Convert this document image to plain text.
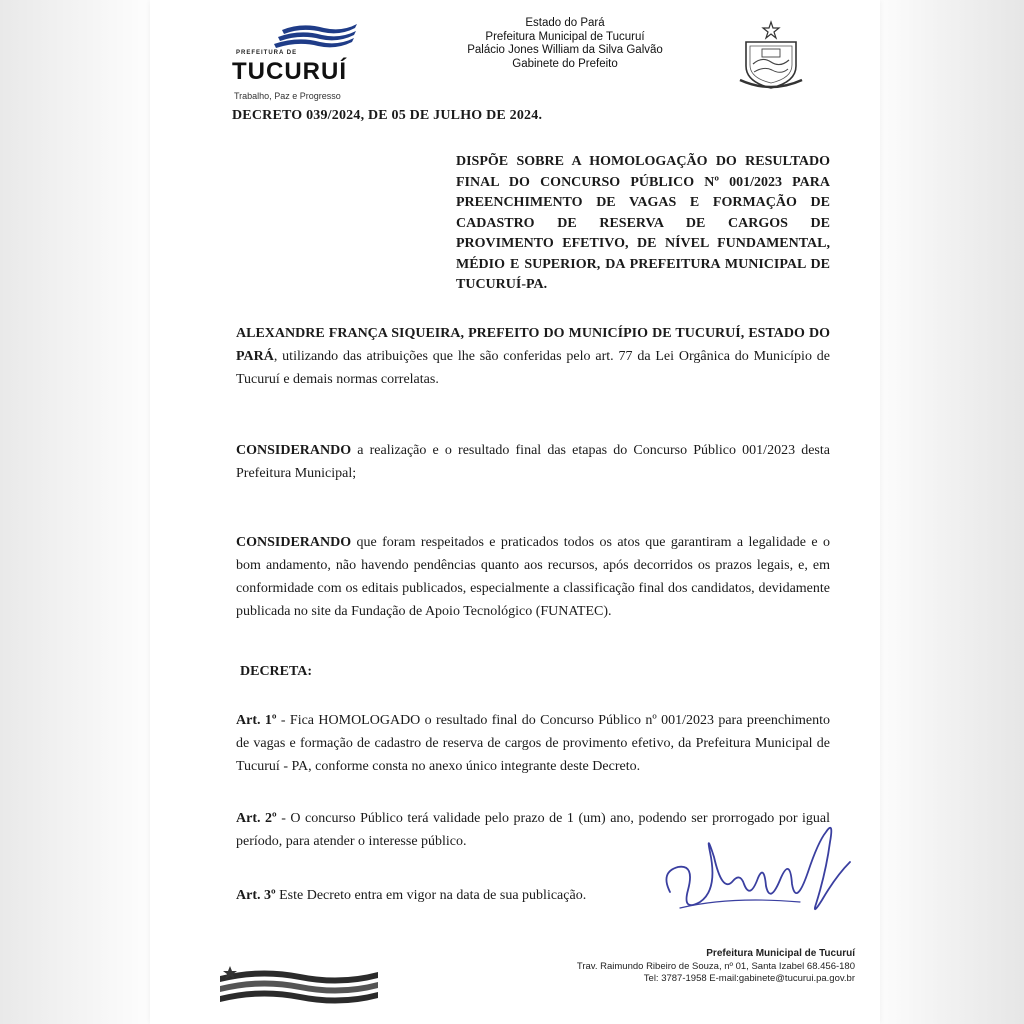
PREFEITURA DE
TUCURUÍ
Trabalho, Paz e Progresso
Estado do Pará
Prefeitura Municipal de Tucuruí
Palácio Jones William da Silva Galvão
Gabinete do Prefeito
DECRETO 039/2024, DE 05 DE JULHO DE 2024.
DISPÕE SOBRE A HOMOLOGAÇÃO DO RESULTADO FINAL DO CONCURSO PÚBLICO Nº 001/2023 PARA PREENCHIMENTO DE VAGAS E FORMAÇÃO DE CADASTRO DE RESERVA DE CARGOS DE PROVIMENTO EFETIVO, DE NÍVEL FUNDAMENTAL, MÉDIO E SUPERIOR, DA PREFEITURA MUNICIPAL DE TUCURUÍ-PA.
ALEXANDRE FRANÇA SIQUEIRA, PREFEITO DO MUNICÍPIO DE TUCURUÍ, ESTADO DO PARÁ, utilizando das atribuições que lhe são conferidas pelo art. 77 da Lei Orgânica do Município de Tucuruí e demais normas correlatas.
CONSIDERANDO a realização e o resultado final das etapas do Concurso Público 001/2023 desta Prefeitura Municipal;
CONSIDERANDO que foram respeitados e praticados todos os atos que garantiram a legalidade e o bom andamento, não havendo pendências quanto aos recursos, após decorridos os prazos legais, e, em conformidade com os editais publicados, especialmente a classificação final dos candidatos, devidamente publicada no site da Fundação de Apoio Tecnológico (FUNATEC).
DECRETA:
Art. 1º - Fica HOMOLOGADO o resultado final do Concurso Público nº 001/2023 para preenchimento de vagas e formação de cadastro de reserva de cargos de provimento efetivo, da Prefeitura Municipal de Tucuruí - PA, conforme consta no anexo único integrante deste Decreto.
Art. 2º - O concurso Público terá validade pelo prazo de 1 (um) ano, podendo ser prorrogado por igual período, para atender o interesse público.
Art. 3º Este Decreto entra em vigor na data de sua publicação.
Prefeitura Municipal de Tucuruí
Trav. Raimundo Ribeiro de Souza, nº 01, Santa Izabel 68.456-180
Tel: 3787-1958 E-mail:gabinete@tucurui.pa.gov.br
